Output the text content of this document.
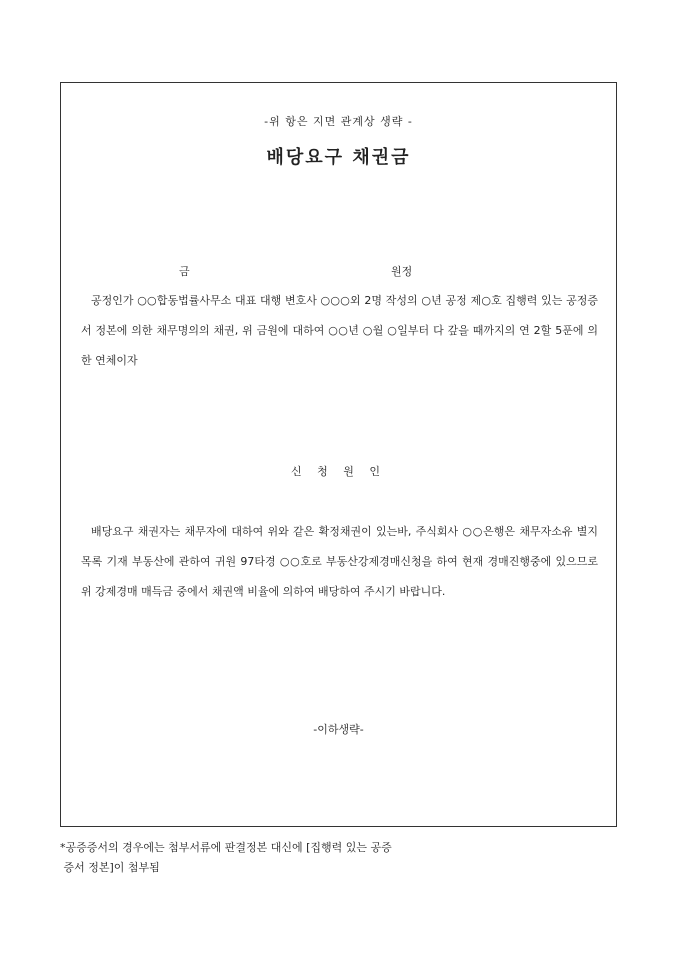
-위 항은 지면 관계상 생략 -
배당요구 채권금
금	원정

공정인가 ○○합동법률사무소 대표 대행 변호사 ○○○외 2명 작성의 ○년 공정 제○호 집행력 있는 공정증서 정본에 의한 채무명의의 채권, 위 금원에 대하여 ○○년 ○월 ○일부터 다 갚을 때까지의 연 2할 5푼에 의한 연체이자

신 청 원 인

배당요구 채권자는 채무자에 대하여 위와 같은 확정채권이 있는바, 주식회사 ○○은행은 채무자소유 별지목록 기재 부동산에 관하여 귀원 97타경 ○○호로 부동산강제경매신청을 하여 현재 경매진행중에 있으므로 위 강제경매 매득금 중에서 채권액 비율에 의하여 배당하여 주시기 바랍니다.

-이하생략-
*공증증서의 경우에는 첨부서류에 판결정본 대신에 [집행력 있는 공증
증서 정본]이 첨부됨
